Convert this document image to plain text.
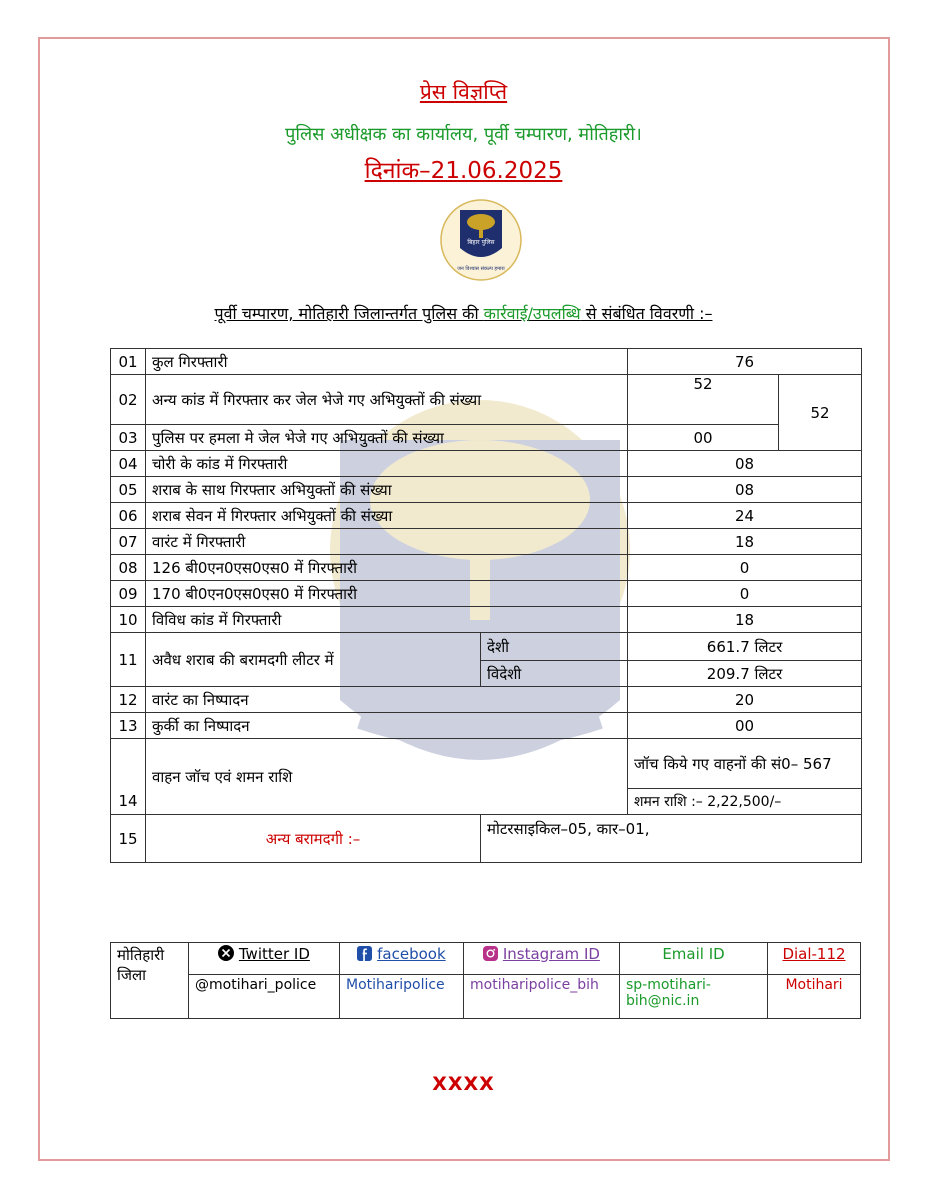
प्रेस विज्ञप्ति
पुलिस अधीक्षक का कार्यालय, पूर्वी चम्पारण, मोतिहारी।
दिनांक–21.06.2025
बिहार पुलिस
जन विश्वास संकल्प हमारा
पूर्वी चम्पारण, मोतिहारी जिलान्तर्गत पुलिस की कार्रवाई/उपलब्धि से संबंधित विवरणी :–
01	कुल गिरफ्तारी		76	
02	अन्य कांड में गिरफ्तार कर जेल भेजे गए अभियुक्तों की संख्या		52	52
03	पुलिस पर हमला मे जेल भेजे गए अभियुक्तों की संख्या		00	
04	चोरी के कांड में गिरफ्तारी		08	
05	शराब के साथ गिरफ्तार अभियुक्तों की संख्या		08	
06	शराब सेवन में गिरफ्तार अभियुक्तों की संख्या		24	
07	वारंट में गिरफ्तारी		18	
08	126 बी0एन0एस0एस0 में गिरफ्तारी		0	
09	170 बी0एन0एस0एस0 में गिरफ्तारी		0	
10	विविध कांड में गिरफ्तारी		18	
11	अवैध शराब की बरामदगी लीटर में	देशी	661.7 लिटर	
		विदेशी	209.7 लिटर	
12	वारंट का निष्पादन		20	
13	कुर्की का निष्पादन		00	
14	वाहन जॉच एवं शमन राशि		जॉच किये गए वाहनों की सं0– 567	
			शमन राशि :– 2,22,500/–	
15	अन्य बरामदगी :–	मोटरसाइकिल–05, कार–01,		
मोतिहारी जिला	Twitter ID	facebook	Instagram ID	Email ID	Dial-112
	@motihari_police	Motiharipolice	motiharipolice_bih	sp-motihari-bih@nic.in	Motihari
XXXX
